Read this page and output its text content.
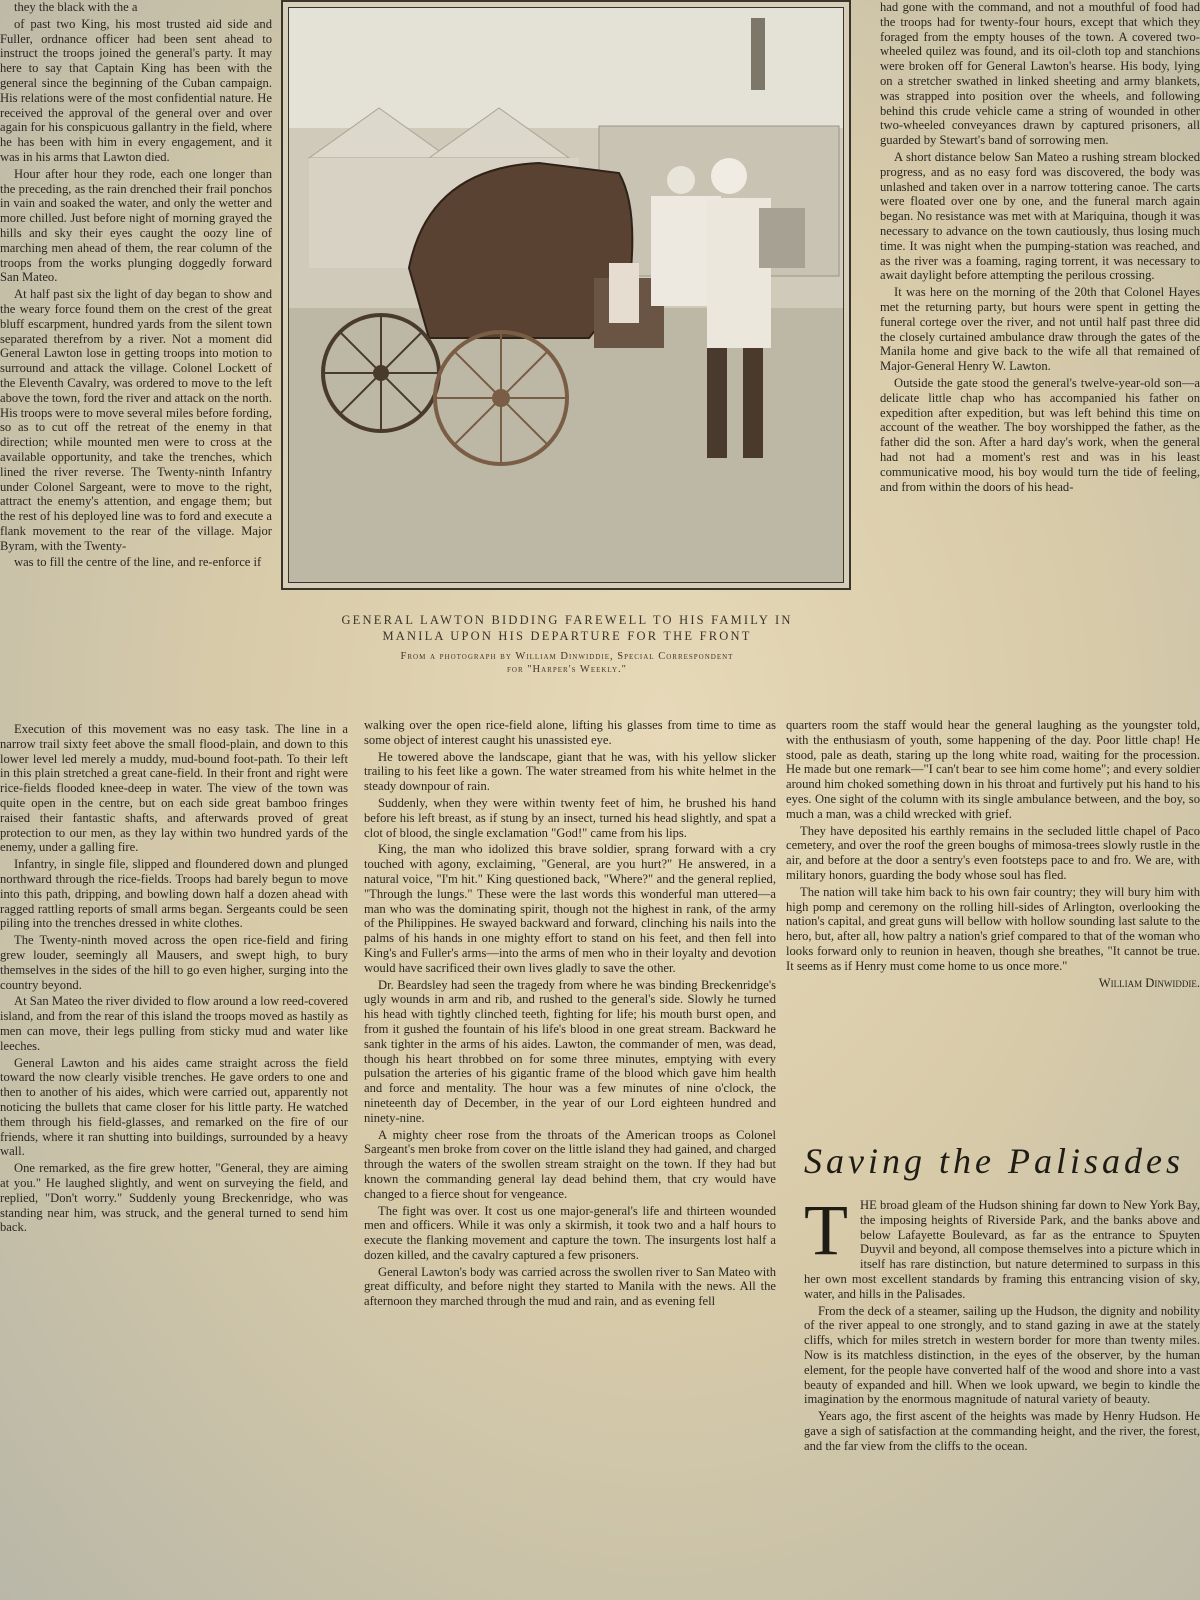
they the black with the a

of past two King, his most trusted aid side and Fuller, ordnance officer had been sent ahead to instruct the troops joined the general's party. It may here to say that Captain King has been with the general since the beginning of the Cuban campaign. His relations were of the most confidential nature. He received the approval of the general over and over again for his conspicuous gallantry in the field, where he has been with him in every engagement, and it was in his arms that Lawton died.

Hour after hour they rode, each one longer than the preceding, as the rain drenched their frail ponchos in vain and soaked the water, and only the wetter and more chilled. Just before night of morning grayed the hills and sky their eyes caught the oozy line of marching men ahead of them, the rear column of the troops from the works plunging doggedly forward San Mateo.

At half past six the light of day began to show and the weary force found them on the crest of the great bluff escarpment, hundred yards from the silent town separated therefrom by a river. Not a moment did General Lawton lose in getting troops into motion to surround and attack the village. Colonel Lockett of the Eleventh Cavalry, was ordered to move to the left above the town, ford the river and attack on the north. His troops were to move several miles before fording, so as to cut off the retreat of the enemy in that direction; while mounted men were to cross at the available opportunity, and take the trenches, which lined the river reverse. The Twenty-ninth Infantry under Colonel Sargeant, were to move to the right, attract the enemy's attention, and engage them; but the rest of his deployed line was to ford and execute a flank movement to the rear of the village. Major Byram, with the Twenty-

was to fill the centre of the line, and re-enforce if

GENERAL LAWTON BIDDING FAREWELL TO HIS FAMILY IN
MANILA UPON HIS DEPARTURE FOR THE FRONT
From a photograph by William Dinwiddie, Special Correspondent
for "Harper's Weekly."

Execution of this movement was no easy task. The line in a narrow trail sixty feet above the small flood-plain, and down to this lower level led merely a muddy, mud-bound foot-path. To their left in this plain stretched a great cane-field. In their front and right were rice-fields flooded knee-deep in water. The view of the town was quite open in the centre, but on each side great bamboo fringes raised their fantastic shafts, and afterwards proved of great protection to our men, as they lay within two hundred yards of the enemy, under a galling fire.

Infantry, in single file, slipped and floundered down and plunged northward through the rice-fields. Troops had barely begun to move into this path, dripping, and bowling down half a dozen ahead with ragged rattling reports of small arms began. Sergeants could be seen piling into the trenches dressed in white clothes.

The Twenty-ninth moved across the open rice-field and firing grew louder, seemingly all Mausers, and swept high, to bury themselves in the sides of the hill to go even higher, surging into the country beyond.

At San Mateo the river divided to flow around a low reed-covered island, and from the rear of this island the troops moved as hastily as men can move, their legs pulling from sticky mud and water like leeches.

General Lawton and his aides came straight across the field toward the now clearly visible trenches. He gave orders to one and then to another of his aides, which were carried out, apparently not noticing the bullets that came closer for his little party. He watched them through his field-glasses, and remarked on the fire of our friends, where it ran shutting into buildings, surrounded by a heavy wall.

One remarked, as the fire grew hotter, "General, they are aiming at you." He laughed slightly, and went on surveying the field, and replied, "Don't worry." Suddenly young Breckenridge, who was standing near him, was struck, and the general turned to send him back.

walking over the open rice-field alone, lifting his glasses from time to time as some object of interest caught his unassisted eye.

He towered above the landscape, giant that he was, with his yellow slicker trailing to his feet like a gown. The water streamed from his white helmet in the steady downpour of rain.

Suddenly, when they were within twenty feet of him, he brushed his hand before his left breast, as if stung by an insect, turned his head slightly, and spat a clot of blood, the single exclamation "God!" came from his lips.

King, the man who idolized this brave soldier, sprang forward with a cry touched with agony, exclaiming, "General, are you hurt?" He answered, in a natural voice, "I'm hit." King questioned back, "Where?" and the general replied, "Through the lungs." These were the last words this wonderful man uttered—a man who was the dominating spirit, though not the highest in rank, of the army of the Philippines. He swayed backward and forward, clinching his nails into the palms of his hands in one mighty effort to stand on his feet, and then fell into King's and Fuller's arms—into the arms of men who in their loyalty and devotion would have sacrificed their own lives gladly to save the other.

Dr. Beardsley had seen the tragedy from where he was binding Breckenridge's ugly wounds in arm and rib, and rushed to the general's side. Slowly he turned his head with tightly clinched teeth, fighting for life; his mouth burst open, and from it gushed the fountain of his life's blood in one great stream. Backward he sank tighter in the arms of his aides. Lawton, the commander of men, was dead, though his heart throbbed on for some three minutes, emptying with every pulsation the arteries of his gigantic frame of the blood which gave him health and force and mentality. The hour was a few minutes of nine o'clock, the nineteenth day of December, in the year of our Lord eighteen hundred and ninety-nine.

A mighty cheer rose from the throats of the American troops as Colonel Sargeant's men broke from cover on the little island they had gained, and charged through the waters of the swollen stream straight on the town. If they had but known the commanding general lay dead behind them, that cry would have changed to a fierce shout for vengeance.

The fight was over. It cost us one major-general's life and thirteen wounded men and officers. While it was only a skirmish, it took two and a half hours to execute the flanking movement and capture the town. The insurgents lost half a dozen killed, and the cavalry captured a few prisoners.

General Lawton's body was carried across the swollen river to San Mateo with great difficulty, and before night they started to Manila with the news. All the afternoon they marched through the mud and rain, and as evening fell

had gone with the command, and not a mouthful of food had the troops had for twenty-four hours, except that which they foraged from the empty houses of the town. A covered two-wheeled quilez was found, and its oil-cloth top and stanchions were broken off for General Lawton's hearse. His body, lying on a stretcher swathed in linked sheeting and army blankets, was strapped into position over the wheels, and following behind this crude vehicle came a string of wounded in other two-wheeled conveyances drawn by captured prisoners, all guarded by Stewart's band of sorrowing men.

A short distance below San Mateo a rushing stream blocked progress, and as no easy ford was discovered, the body was unlashed and taken over in a narrow tottering canoe. The carts were floated over one by one, and the funeral march again began. No resistance was met with at Mariquina, though it was necessary to advance on the town cautiously, thus losing much time. It was night when the pumping-station was reached, and as the river was a foaming, raging torrent, it was necessary to await daylight before attempting the perilous crossing.

It was here on the morning of the 20th that Colonel Hayes met the returning party, but hours were spent in getting the funeral cortege over the river, and not until half past three did the closely curtained ambulance draw through the gates of the Manila home and give back to the wife all that remained of Major-General Henry W. Lawton.

Outside the gate stood the general's twelve-year-old son—a delicate little chap who has accompanied his father on expedition after expedition, but was left behind this time on account of the weather. The boy worshipped the father, as the father did the son. After a hard day's work, when the general had not had a moment's rest and was in his least communicative mood, his boy would turn the tide of feeling, and from within the doors of his head-

quarters room the staff would hear the general laughing as the youngster told, with the enthusiasm of youth, some happening of the day. Poor little chap! He stood, pale as death, staring up the long white road, waiting for the procession. He made but one remark—"I can't bear to see him come home"; and every soldier around him choked something down in his throat and furtively put his hand to his eyes. One sight of the column with its single ambulance between, and the boy, so much a man, was a child wrecked with grief.

They have deposited his earthly remains in the secluded little chapel of Paco cemetery, and over the roof the green boughs of mimosa-trees slowly rustle in the air, and before at the door a sentry's even footsteps pace to and fro. We are, with military honors, guarding the body whose soul has fled.

The nation will take him back to his own fair country; they will bury him with high pomp and ceremony on the rolling hill-sides of Arlington, overlooking the nation's capital, and great guns will bellow with hollow sounding last salute to the hero, but, after all, how paltry a nation's grief compared to that of the woman who looks forward only to reunion in heaven, though she breathes, "It cannot be true. It seems as if Henry must come home to us once more."

William Dinwiddie.
Saving the Palisades
T HE broad gleam of the Hudson shining far down to New York Bay, the imposing heights of Riverside Park, and the banks above and below Lafayette Boulevard, as far as the entrance to Spuyten Duyvil and beyond, all compose themselves into a picture which in itself has rare distinction, but nature determined to surpass in this her own most excellent standards by framing this entrancing vision of sky, water, and hills in the Palisades.

From the deck of a steamer, sailing up the Hudson, the dignity and nobility of the river appeal to one strongly, and to stand gazing in awe at the stately cliffs, which for miles stretch in western border for more than twenty miles. Now is its matchless distinction, in the eyes of the observer, by the human element, for the people have converted half of the wood and shore into a vast beauty of expanded and hill. When we look upward, we begin to kindle the imagination by the enormous magnitude of natural variety of beauty.

Years ago, the first ascent of the heights was made by Henry Hudson. He gave a sigh of satisfaction at the commanding height, and the river, the forest, and the far view from the cliffs to the ocean.
